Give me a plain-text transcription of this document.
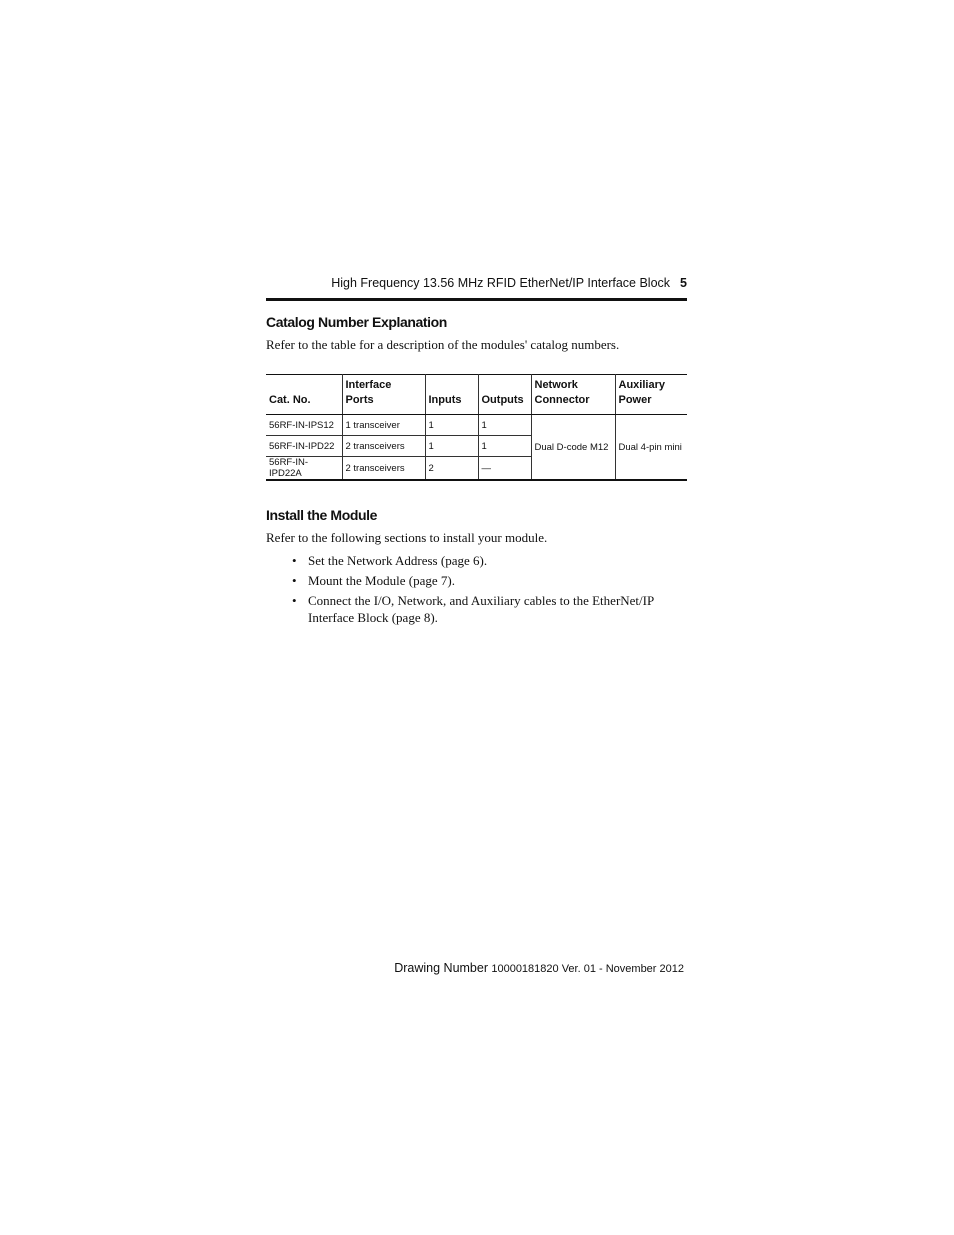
High Frequency 13.56 MHz RFID EtherNet/IP Interface Block 5
Catalog Number Explanation

Refer to the table for a description of the modules' catalog numbers.

Cat. No.	Interface Ports	Inputs	Outputs	Network Connector	Auxiliary Power
56RF-IN-IPS12	1 transceiver	1	1	Dual D-code M12	Dual 4-pin mini
56RF-IN-IPD22	2 transceivers	1	1		
56RF-IN-IPD22A	2 transceivers	2	—		
Install the Module

Refer to the following sections to install your module.

• Set the Network Address (page 6).
• Mount the Module (page 7).
• Connect the I/O, Network, and Auxiliary cables to the EtherNet/IP Interface Block (page 8).
Drawing Number 10000181820 Ver. 01 - November 2012
